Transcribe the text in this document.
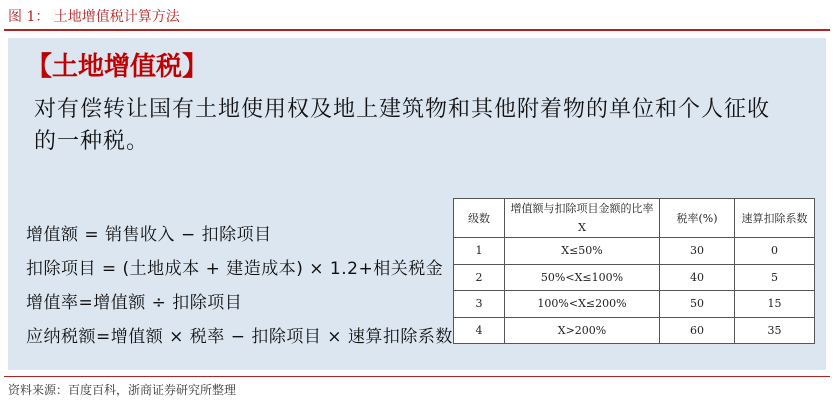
图 1： 土地增值税计算方法
【土地增值税】
对有偿转让国有土地使用权及地上建筑物和其他附着物的单位和个人征收的一种税。
增值额 = 销售收入 − 扣除项目
扣除项目 = (土地成本 + 建造成本) × 1.2+相关税金
增值率=增值额 ÷ 扣除项目
应纳税额=增值额 × 税率 − 扣除项目 × 速算扣除系数
级数	增值额与扣除项目金额的比率 X	税率(%)	速算扣除系数
1	X≤50%	30	0
2	50%<X≤100%	40	5
3	100%<X≤200%	50	15
4	X>200%	60	35
资料来源：百度百科，浙商证券研究所整理
